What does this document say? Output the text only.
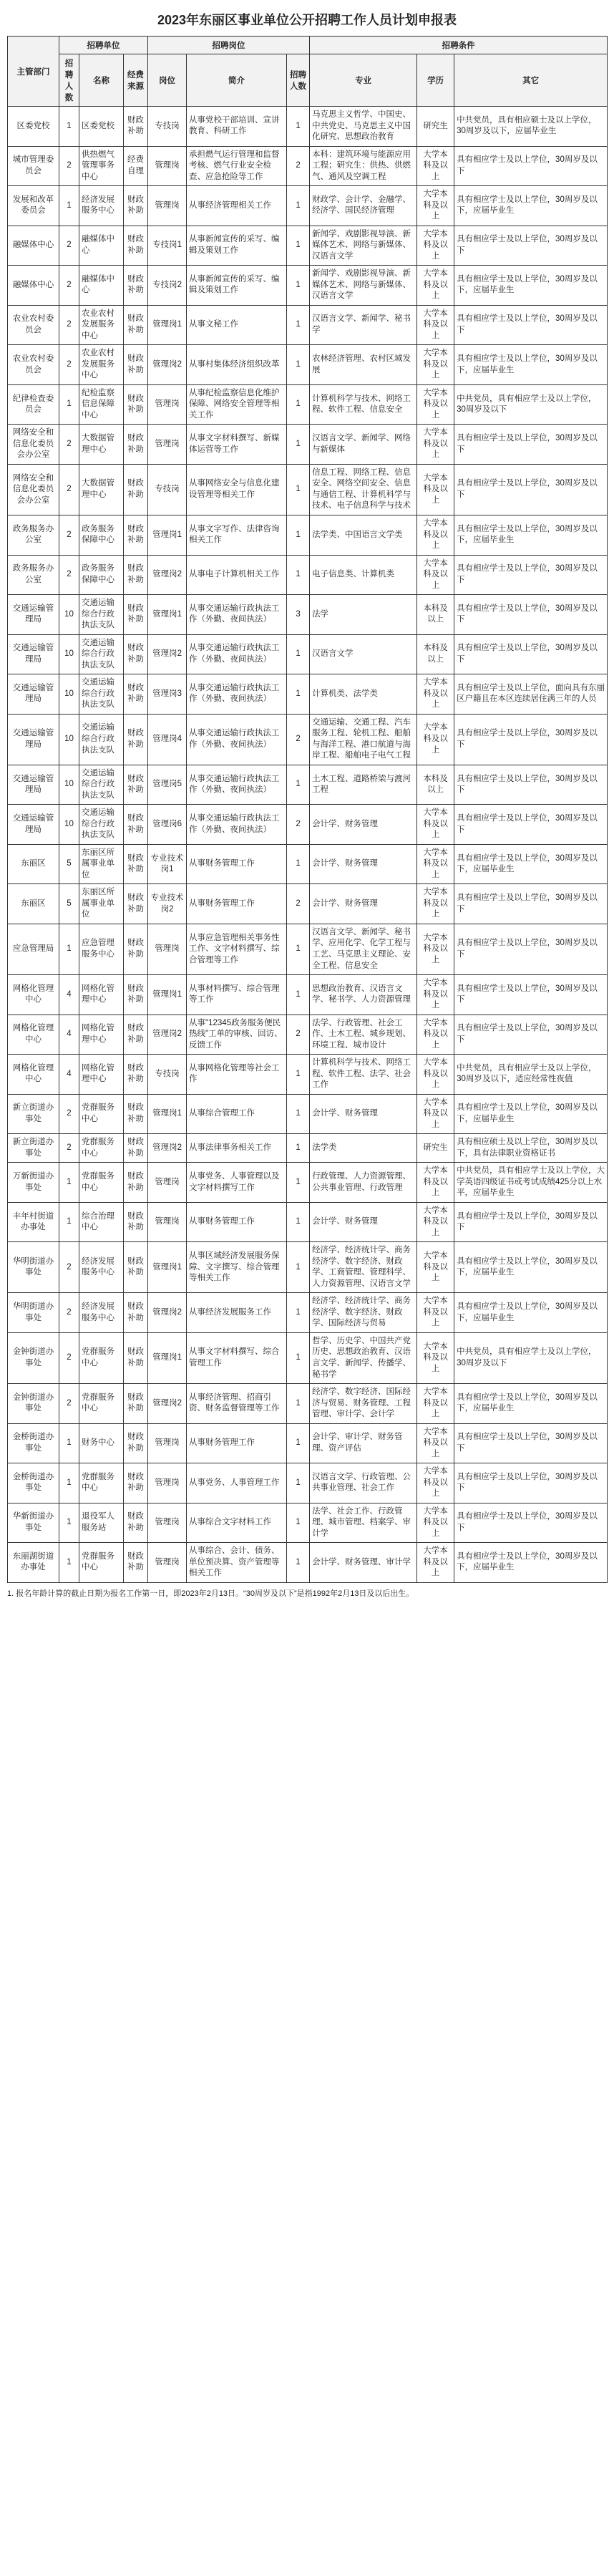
2023年东丽区事业单位公开招聘工作人员计划申报表
主管部门	招聘单位			招聘岗位			招聘条件		
	招聘人数	名称	经费来源	岗位	简介	招聘人数	专业	学历	其它
区委党校	1	区委党校	财政补助	专技岗	从事党校干部培训、宣讲教育、科研工作	1	马克思主义哲学、中国史、中共党史、马克思主义中国化研究、思想政治教育	研究生	中共党员，具有相应硕士及以上学位，30周岁及以下，应届毕业生
城市管理委员会	2	供热燃气管理事务中心	经费自理	管理岗	承担燃气运行管理和监督考核、燃气行业安全检查、应急抢险等工作	2	本科：建筑环境与能源应用工程；研究生：供热、供燃气、通风及空调工程	大学本科及以上	具有相应学士及以上学位，30周岁及以下
发展和改革委员会	1	经济发展服务中心	财政补助	管理岗	从事经济管理相关工作	1	财政学、会计学、金融学、经济学、国民经济管理	大学本科及以上	具有相应学士及以上学位，30周岁及以下，应届毕业生
融媒体中心	2	融媒体中心	财政补助	专技岗1	从事新闻宣传的采写、编辑及策划工作	1	新闻学、戏剧影视导演、新媒体艺术、网络与新媒体、汉语言文学	大学本科及以上	具有相应学士及以上学位，30周岁及以下
融媒体中心	2	融媒体中心	财政补助	专技岗2	从事新闻宣传的采写、编辑及策划工作	1	新闻学、戏剧影视导演、新媒体艺术、网络与新媒体、汉语言文学	大学本科及以上	具有相应学士及以上学位，30周岁及以下，应届毕业生
农业农村委员会	2	农业农村发展服务中心	财政补助	管理岗1	从事文秘工作	1	汉语言文学、新闻学、秘书学	大学本科及以上	具有相应学士及以上学位，30周岁及以下
农业农村委员会	2	农业农村发展服务中心	财政补助	管理岗2	从事村集体经济组织改革	1	农林经济管理、农村区域发展	大学本科及以上	具有相应学士及以上学位，30周岁及以下，应届毕业生
纪律检查委员会	1	纪检监察信息保障中心	财政补助	管理岗	从事纪检监察信息化维护保障、网络安全管理等相关工作	1	计算机科学与技术、网络工程、软件工程、信息安全	大学本科及以上	中共党员，具有相应学士及以上学位，30周岁及以下
网络安全和信息化委员会办公室	2	大数据管理中心	财政补助	管理岗	从事文字材料撰写、新媒体运营等工作	1	汉语言文学、新闻学、网络与新媒体	大学本科及以上	具有相应学士及以上学位，30周岁及以下
网络安全和信息化委员会办公室	2	大数据管理中心	财政补助	专技岗	从事网络安全与信息化建设管理等相关工作	1	信息工程、网络工程、信息安全、网络空间安全、信息与通信工程、计算机科学与技术、电子信息科学与技术	大学本科及以上	具有相应学士及以上学位，30周岁及以下
政务服务办公室	2	政务服务保障中心	财政补助	管理岗1	从事文字写作、法律咨询相关工作	1	法学类、中国语言文学类	大学本科及以上	具有相应学士及以上学位，30周岁及以下，应届毕业生
政务服务办公室	2	政务服务保障中心	财政补助	管理岗2	从事电子计算机相关工作	1	电子信息类、计算机类	大学本科及以上	具有相应学士及以上学位，30周岁及以下
交通运输管理局	10	交通运输综合行政执法支队	财政补助	管理岗1	从事交通运输行政执法工作（外勤、夜间执法）	3	法学	本科及以上	具有相应学士及以上学位，30周岁及以下
交通运输管理局	10	交通运输综合行政执法支队	财政补助	管理岗2	从事交通运输行政执法工作（外勤、夜间执法）	1	汉语言文学	本科及以上	具有相应学士及以上学位，30周岁及以下
交通运输管理局	10	交通运输综合行政执法支队	财政补助	管理岗3	从事交通运输行政执法工作（外勤、夜间执法）	1	计算机类、法学类	大学本科及以上	具有相应学士及以上学位，面向具有东丽区户籍且在本区连续居住满三年的人员
交通运输管理局	10	交通运输综合行政执法支队	财政补助	管理岗4	从事交通运输行政执法工作（外勤、夜间执法）	2	交通运输、交通工程、汽车服务工程、轮机工程、船舶与海洋工程、港口航道与海岸工程、船舶电子电气工程	大学本科及以上	具有相应学士及以上学位，30周岁及以下
交通运输管理局	10	交通运输综合行政执法支队	财政补助	管理岗5	从事交通运输行政执法工作（外勤、夜间执法）	1	土木工程、道路桥梁与渡河工程	本科及以上	具有相应学士及以上学位，30周岁及以下
交通运输管理局	10	交通运输综合行政执法支队	财政补助	管理岗6	从事交通运输行政执法工作（外勤、夜间执法）	2	会计学、财务管理	大学本科及以上	具有相应学士及以上学位，30周岁及以下
东丽区	5	东丽区所属事业单位	财政补助	专业技术岗1	从事财务管理工作	1	会计学、财务管理	大学本科及以上	具有相应学士及以上学位，30周岁及以下，应届毕业生
东丽区	5	东丽区所属事业单位	财政补助	专业技术岗2	从事财务管理工作	2	会计学、财务管理	大学本科及以上	具有相应学士及以上学位，30周岁及以下
应急管理局	1	应急管理服务中心	财政补助	管理岗	从事应急管理相关事务性工作、文字材料撰写、综合管理等工作	1	汉语言文学、新闻学、秘书学、应用化学、化学工程与工艺、马克思主义理论、安全工程、信息安全	大学本科及以上	具有相应学士及以上学位，30周岁及以下
网格化管理中心	4	网格化管理中心	财政补助	管理岗1	从事材料撰写、综合管理等工作	1	思想政治教育、汉语言文学、秘书学、人力资源管理	大学本科及以上	具有相应学士及以上学位，30周岁及以下
网格化管理中心	4	网格化管理中心	财政补助	管理岗2	从事"12345政务服务便民热线"工单的审核、回访、反馈工作	2	法学、行政管理、社会工作、土木工程、城乡规划、环境工程、城市设计	大学本科及以上	具有相应学士及以上学位，30周岁及以下
网格化管理中心	4	网格化管理中心	财政补助	专技岗	从事网格化管理等社会工作	1	计算机科学与技术、网络工程、软件工程、法学、社会工作	大学本科及以上	中共党员，具有相应学士及以上学位，30周岁及以下，适应经常性夜值
新立街道办事处	2	党群服务中心	财政补助	管理岗1	从事综合管理工作	1	会计学、财务管理	大学本科及以上	具有相应学士及以上学位，30周岁及以下，应届毕业生
新立街道办事处	2	党群服务中心	财政补助	管理岗2	从事法律事务相关工作	1	法学类	研究生	具有相应硕士及以上学位，30周岁及以下，具有法律职业资格证书
万新街道办事处	1	党群服务中心	财政补助	管理岗	从事党务、人事管理以及文字材料撰写工作	1	行政管理、人力资源管理、公共事业管理、行政管理	大学本科及以上	中共党员，具有相应学士及以上学位，大学英语四级证书或考试成绩425分以上水平，应届毕业生
丰年村街道办事处	1	综合治理中心	财政补助	管理岗	从事财务管理工作	1	会计学、财务管理	大学本科及以上	具有相应学士及以上学位，30周岁及以下
华明街道办事处	2	经济发展服务中心	财政补助	管理岗1	从事区域经济发展服务保障、文字撰写、综合管理等相关工作	1	经济学、经济统计学、商务经济学、数字经济、财政学、工商管理、管理科学、人力资源管理、汉语言文学	大学本科及以上	具有相应学士及以上学位，30周岁及以下，应届毕业生
华明街道办事处	2	经济发展服务中心	财政补助	管理岗2	从事经济发展服务工作	1	经济学、经济统计学、商务经济学、数字经济、财政学、国际经济与贸易	大学本科及以上	具有相应学士及以上学位，30周岁及以下，应届毕业生
金钟街道办事处	2	党群服务中心	财政补助	管理岗1	从事文字材料撰写、综合管理工作	1	哲学、历史学、中国共产党历史、思想政治教育、汉语言文学、新闻学、传播学、秘书学	大学本科及以上	中共党员，具有相应学士及以上学位，30周岁及以下
金钟街道办事处	2	党群服务中心	财政补助	管理岗2	从事经济管理、招商引资、财务监督管理等工作	1	经济学、数字经济、国际经济与贸易、财务管理、工程管理、审计学、会计学	大学本科及以上	具有相应学士及以上学位，30周岁及以下，应届毕业生
金桥街道办事处	1	财务中心	财政补助	管理岗	从事财务管理工作	1	会计学、审计学、财务管理、资产评估	大学本科及以上	具有相应学士及以上学位，30周岁及以下
金桥街道办事处	1	党群服务中心	财政补助	管理岗	从事党务、人事管理工作	1	汉语言文学、行政管理、公共事业管理、社会工作	大学本科及以上	具有相应学士及以上学位，30周岁及以下
华新街道办事处	1	退役军人服务站	财政补助	管理岗	从事综合文字材料工作	1	法学、社会工作、行政管理、城市管理、档案学、审计学	大学本科及以上	具有相应学士及以上学位，30周岁及以下
东丽湖街道办事处	1	党群服务中心	财政补助	管理岗	从事综合、会计、债务、单位预决算、资产管理等相关工作	1	会计学、财务管理、审计学	大学本科及以上	具有相应学士及以上学位，30周岁及以下，应届毕业生
1. 报名年龄计算的截止日期为报名工作第一日，即2023年2月13日。“30周岁及以下”是指1992年2月13日及以后出生。
